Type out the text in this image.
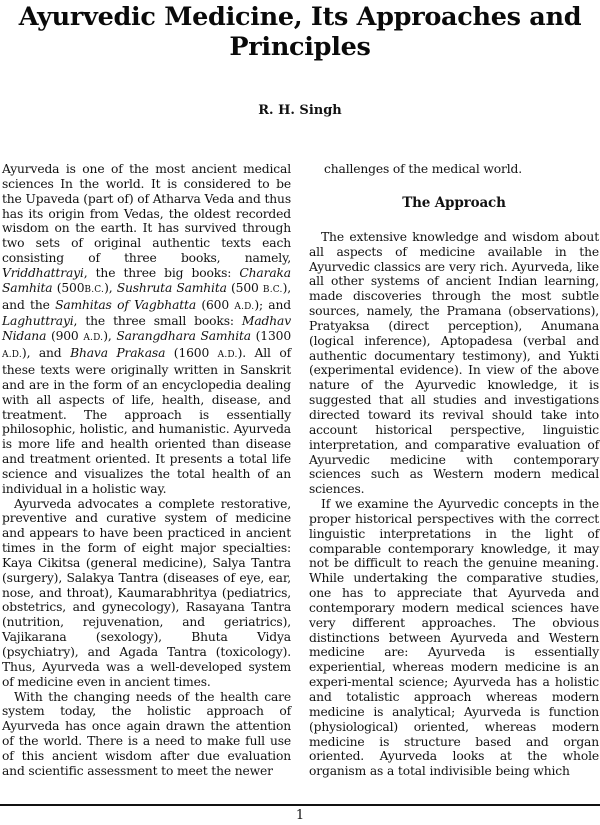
Ayurvedic Medicine, Its Approaches and Principles
R. H. Singh

Ayurveda is one of the most ancient medical sciences In the world. It is considered to be the Upaveda (part of) of Atharva Veda and thus has its origin from Vedas, the oldest recorded wisdom on the earth. It has survived through two sets of original authentic texts each consisting of three books, namely, Vriddhattrayi, the three big books: Charaka Samhita (500B.C.), Sushruta Samhita (500 B.C.), and the Samhitas of Vagbhatta (600 A.D.); and Laghuttrayi, the three small books: Madhav Nidana (900 A.D.), Sarangdhara Samhita (1300 A.D.), and Bhava Prakasa (1600 A.D.). All of these texts were originally written in Sanskrit and are in the form of an encyclopedia dealing with all aspects of life, health, disease, and treatment. The approach is essentially philosophic, holistic, and humanistic. Ayurveda is more life and health oriented than disease and treatment oriented. It presents a total life science and visualizes the total health of an individual in a holistic way.

Ayurveda advocates a complete restorative, preventive and curative system of medicine and appears to have been practiced in ancient times in the form of eight major specialties: Kaya Cikitsa (general medicine), Salya Tantra (surgery), Salakya Tantra (diseases of eye, ear, nose, and throat), Kaumarabhritya (pediatrics, obstetrics, and gynecology), Rasayana Tantra (nutrition, rejuvenation, and geriatrics), Vajikarana (sexology), Bhuta Vidya (psychiatry), and Agada Tantra (toxicology). Thus, Ayurveda was a well-developed system of medicine even in ancient times.

With the changing needs of the health care system today, the holistic approach of Ayurveda has once again drawn the attention of the world. There is a need to make full use of this ancient wisdom after due evaluation and scientific assessment to meet the newer

challenges of the medical world.

The Approach

The extensive knowledge and wisdom about all aspects of medicine available in the Ayurvedic classics are very rich. Ayurveda, like all other systems of ancient Indian learning, made discoveries through the most subtle sources, namely, the Pramana (observations), Pratyaksa (direct perception), Anumana (logical inference), Aptopadesa (verbal and authentic documentary testimony), and Yukti (experimental evidence). In view of the above nature of the Ayurvedic knowledge, it is suggested that all studies and investigations directed toward its revival should take into account historical perspective, linguistic interpretation, and comparative evaluation of Ayurvedic medicine with contemporary sciences such as Western modern medical sciences.

If we examine the Ayurvedic concepts in the proper historical perspectives with the correct linguistic interpretations in the light of comparable contemporary knowledge, it may not be difficult to reach the genuine meaning. While undertaking the comparative studies, one has to appreciate that Ayurveda and contemporary modern medical sciences have very different approaches. The obvious distinctions between Ayurveda and Western medicine are: Ayurveda is essentially experiential, whereas modern medicine is an experi-mental science; Ayurveda has a holistic and totalistic approach whereas modern medicine is analytical; Ayurveda is function (physiological) oriented, whereas modern medicine is structure based and organ oriented. Ayurveda looks at the whole organism as a total indivisible being which

1
